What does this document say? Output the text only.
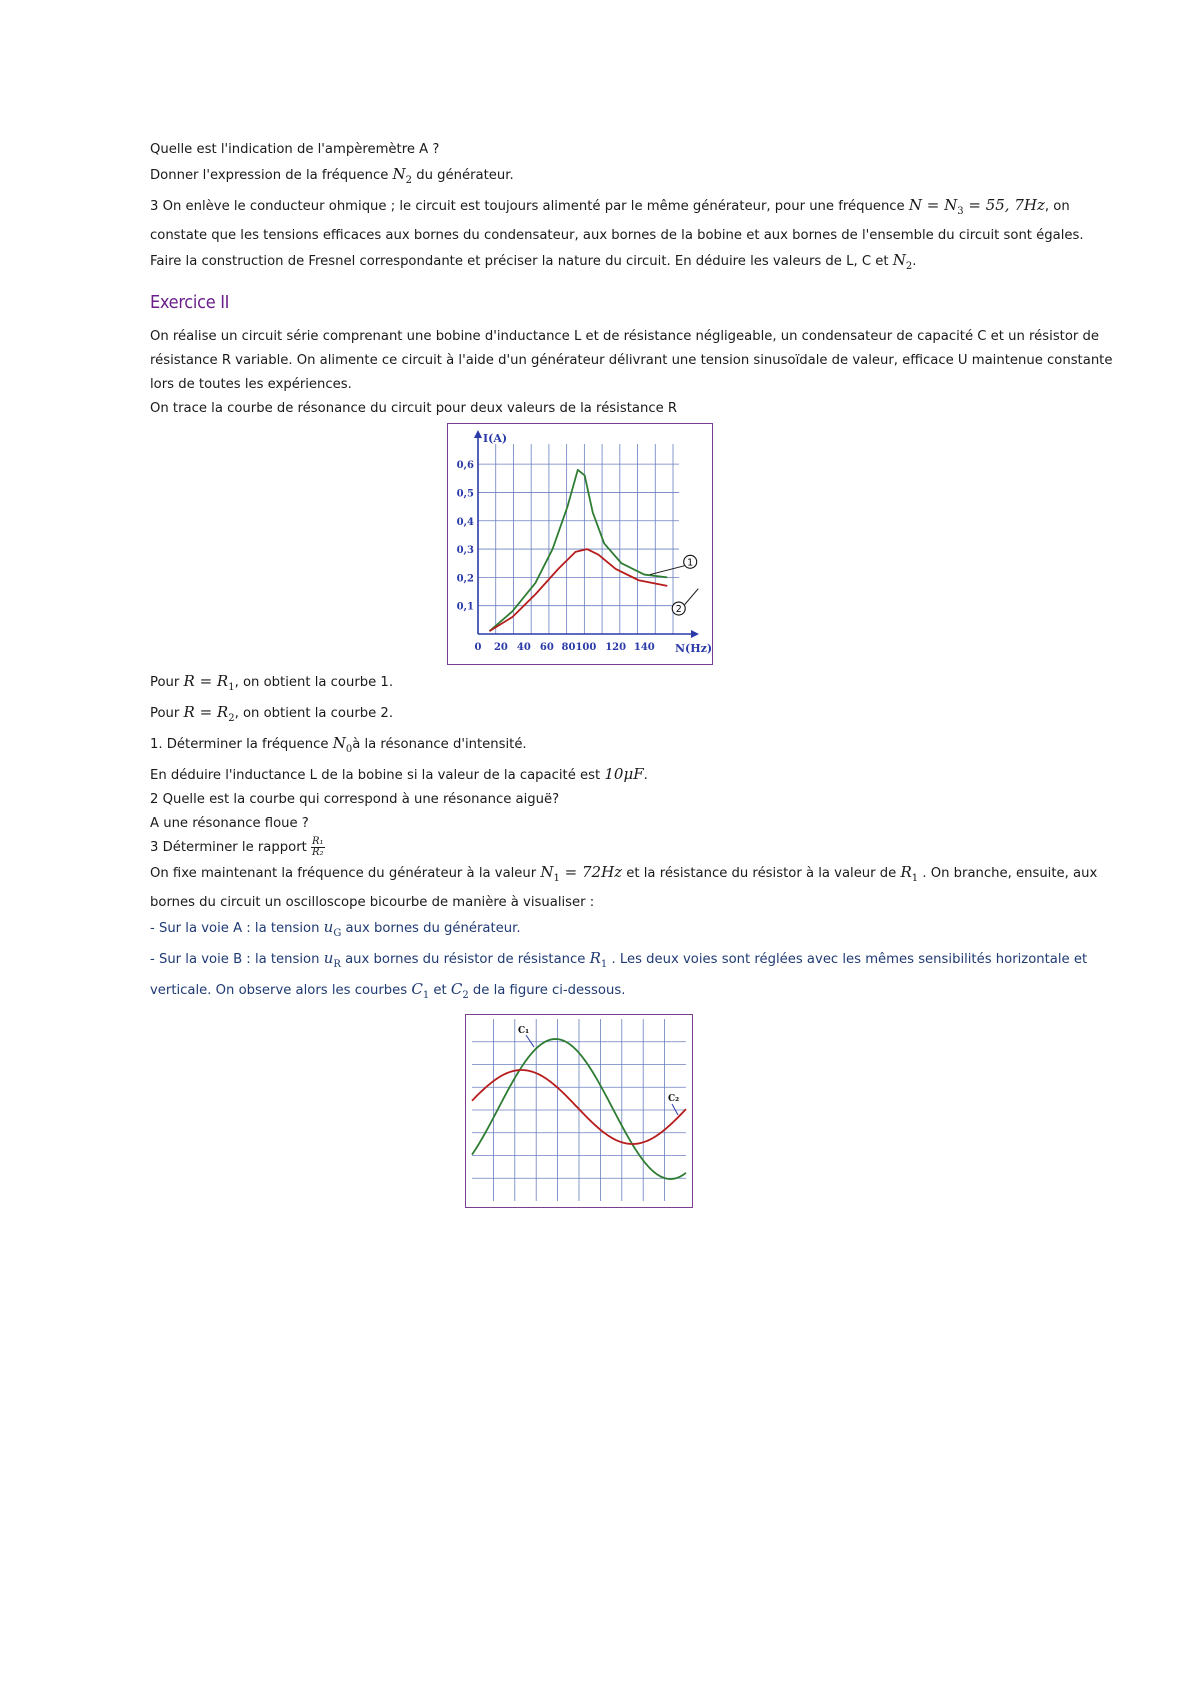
Quelle est l'indication de l'ampèremètre A ?

Donner l'expression de la fréquence $N_2$ du générateur.

3 On enlève le conducteur ohmique ; le circuit est toujours alimenté par le même générateur, pour une fréquence $N = N_3 = 55$, 7Hz, on

constate que les tensions efficaces aux bornes du condensateur, aux bornes de la bobine et aux bornes de l'ensemble du circuit sont égales.

Faire la construction de Fresnel correspondante et préciser la nature du circuit. En déduire les valeurs de L, C et $N_2$.

Exercice II

On réalise un circuit série comprenant une bobine d'inductance L et de résistance négligeable, un condensateur de capacité C et un résistor de

résistance R variable. On alimente ce circuit à l'aide d'un générateur délivrant une tension sinusoïdale de valeur, efficace U maintenue constante

lors de toutes les expériences.

On trace la courbe de résonance du circuit pour deux valeurs de la résistance R

0,1
0,2
0,3
0,4
0,5
0,6
0 20 40 60 80100 120 140
I(A)
N(Hz)
1
2

Pour $R = R_1$, on obtient la courbe 1.

Pour $R = R_2$, on obtient la courbe 2.

1. Déterminer la fréquence $N_0à$ la résonance d'intensité.

En déduire l'inductance L de la bobine si la valeur de la capacité est 10μF.

2 Quelle est la courbe qui correspond à une résonance aiguë?

A une résonance floue ?

3 Déterminer le rapport $\frac{\text{R₁}}{\text{R₂}}$

On fixe maintenant la fréquence du générateur à la valeur $N_1 = 72Hz$ et la résistance du résistor à la valeur de $R_1$ . On branche, ensuite, aux

bornes du circuit un oscilloscope bicourbe de manière à visualiser :

- Sur la voie A : la tension $u_G$ aux bornes du générateur.

- Sur la voie B : la tension $u_R$ aux bornes du résistor de résistance $R_1$ . Les deux voies sont réglées avec les mêmes sensibilités horizontale et

verticale. On observe alors les courbes $C_1$ et $C_2$ de la figure ci-dessous.

C₁
C₂
